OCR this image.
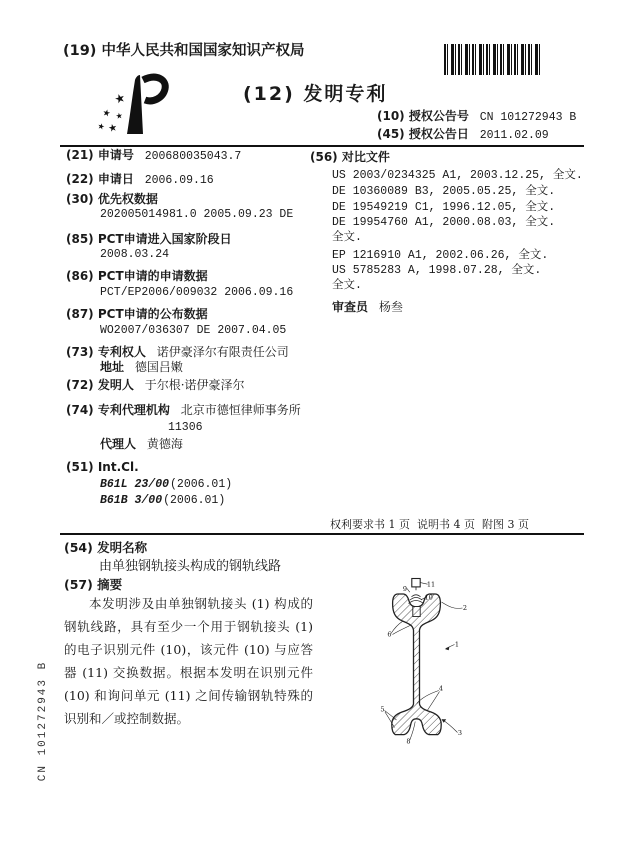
(19) 中华人民共和国国家知识产权局
★
★ ★
★ ★
(12) 发明专利
(10) 授权公告号 CN 101272943 B
(45) 授权公告日 2011.02.09
(21) 申请号 200680035043.7
(22) 申请日 2006.09.16
(30) 优先权数据
202005014981.0 2005.09.23 DE
(85) PCT申请进入国家阶段日
2008.03.24
(86) PCT申请的申请数据
PCT/EP2006/009032 2006.09.16
(87) PCT申请的公布数据
WO2007/036307 DE 2007.04.05
(73) 专利权人 诺伊豪泽尔有限责任公司
地址 德国吕嫩
(72) 发明人 于尔根·诺伊豪泽尔
(74) 专利代理机构 北京市德恒律师事务所
11306
代理人 黄德海
(51) Int.Cl.
B61L 23/00(2006.01)
B61B 3/00(2006.01)
(56) 对比文件
US 2003/0234325 A1, 2003.12.25, 全文.
DE 10360089 B3, 2005.05.25, 全文.
DE 19549219 C1, 1996.12.05, 全文.
DE 19954760 A1, 2000.08.03, 全文.
全文.
EP 1216910 A1, 2002.06.26, 全文.
US 5785283 A, 1998.07.28, 全文.
全文.
审查员 杨叁
权利要求书 1 页  说明书 4 页  附图 3 页
(54) 发明名称
由单独钢轨接头构成的钢轨线路
(57) 摘要
本发明涉及由单独钢轨接头 (1) 构成的钢轨线路，具有至少一个用于钢轨接头 (1) 的电子识别元件 (10)，该元件 (10) 与应答器 (11) 交换数据。根据本发明在识别元件 (10) 和询问单元 (11) 之间传输钢轨特殊的识别和／或控制数据。
9
11
10
2
6
1
4
5
3
8
CN 101272943 B
